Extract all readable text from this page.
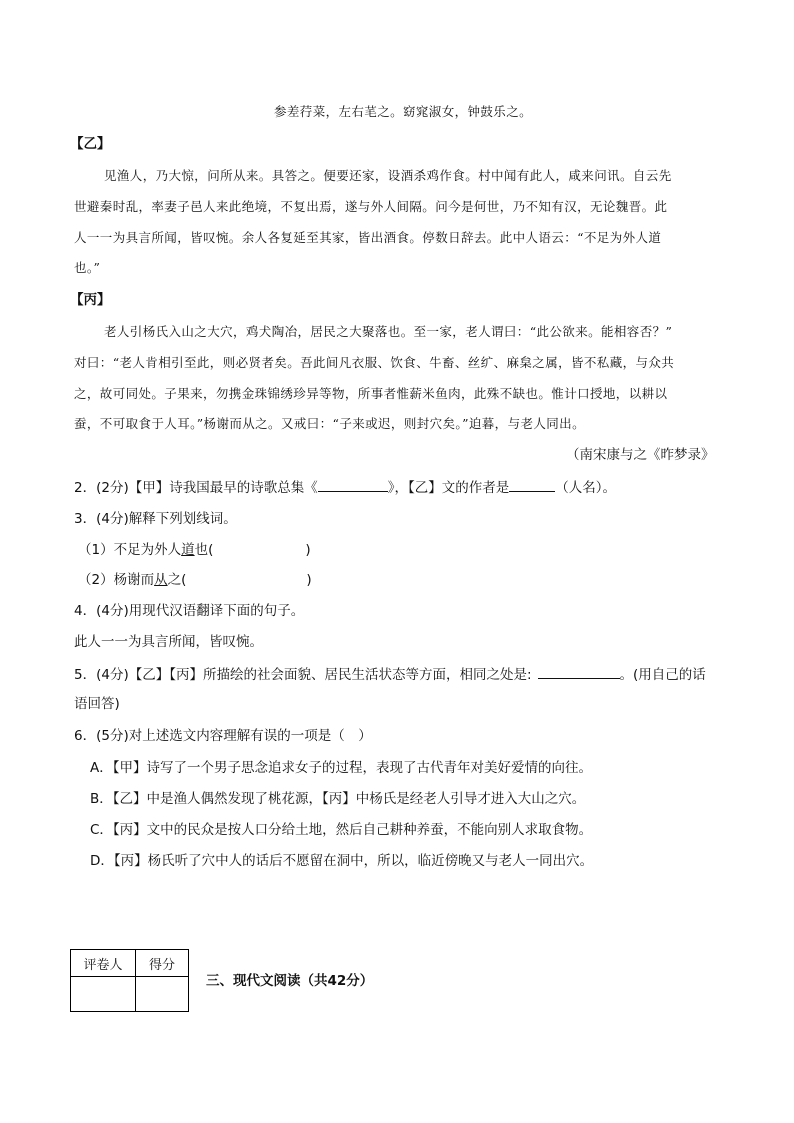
参差荇菜，左右芼之。窈窕淑女，钟鼓乐之。
【乙】
见渔人，乃大惊，问所从来。具答之。便要还家，设酒杀鸡作食。村中闻有此人，咸来问讯。自云先
世避秦时乱，率妻子邑人来此绝境，不复出焉，遂与外人间隔。问今是何世，乃不知有汉，无论魏晋。此
人一一为具言所闻，皆叹惋。余人各复延至其家，皆出酒食。停数日辞去。此中人语云：“不足为外人道
也。”
【丙】
老人引杨氏入山之大穴，鸡犬陶冶，居民之大聚落也。至一家，老人谓曰：“此公欲来。能相容否？”
对曰：“老人肯相引至此，则必贤者矣。吾此间凡衣服、饮食、牛畜、丝纩、麻枲之属，皆不私藏，与众共
之，故可同处。子果来，勿携金珠锦绣珍异等物，所事者惟薪米鱼肉，此殊不缺也。惟计口授地，以耕以
蚕，不可取食于人耳。”杨谢而从之。又戒曰：“子来或迟，则封穴矣。”迫暮，与老人同出。
（南宋康与之《昨梦录》
2．(2分)【甲】诗我国最早的诗歌总集《	》，【乙】文的作者是	（人名）。
3．(4分)解释下列划线词。
（1）不足为外人道也(	)
（2）杨谢而从之(	)
4．(4分)用现代汉语翻译下面的句子。
此人一一为具言所闻，皆叹惋。
5．(4分)【乙】【丙】所描绘的社会面貌、居民生活状态等方面，相同之处是:	。(用自己的话
语回答)
6．(5分)对上述选文内容理解有误的一项是（　）
A．【甲】诗写了一个男子思念追求女子的过程，表现了古代青年对美好爱情的向往。
B．【乙】中是渔人偶然发现了桃花源，【丙】中杨氏是经老人引导才进入大山之穴。
C．【丙】文中的民众是按人口分给土地，然后自己耕种养蚕，不能向别人求取食物。
D．【丙】杨氏听了穴中人的话后不愿留在洞中，所以，临近傍晚又与老人一同出穴。
评卷人	得分

三、现代文阅读（共42分）
